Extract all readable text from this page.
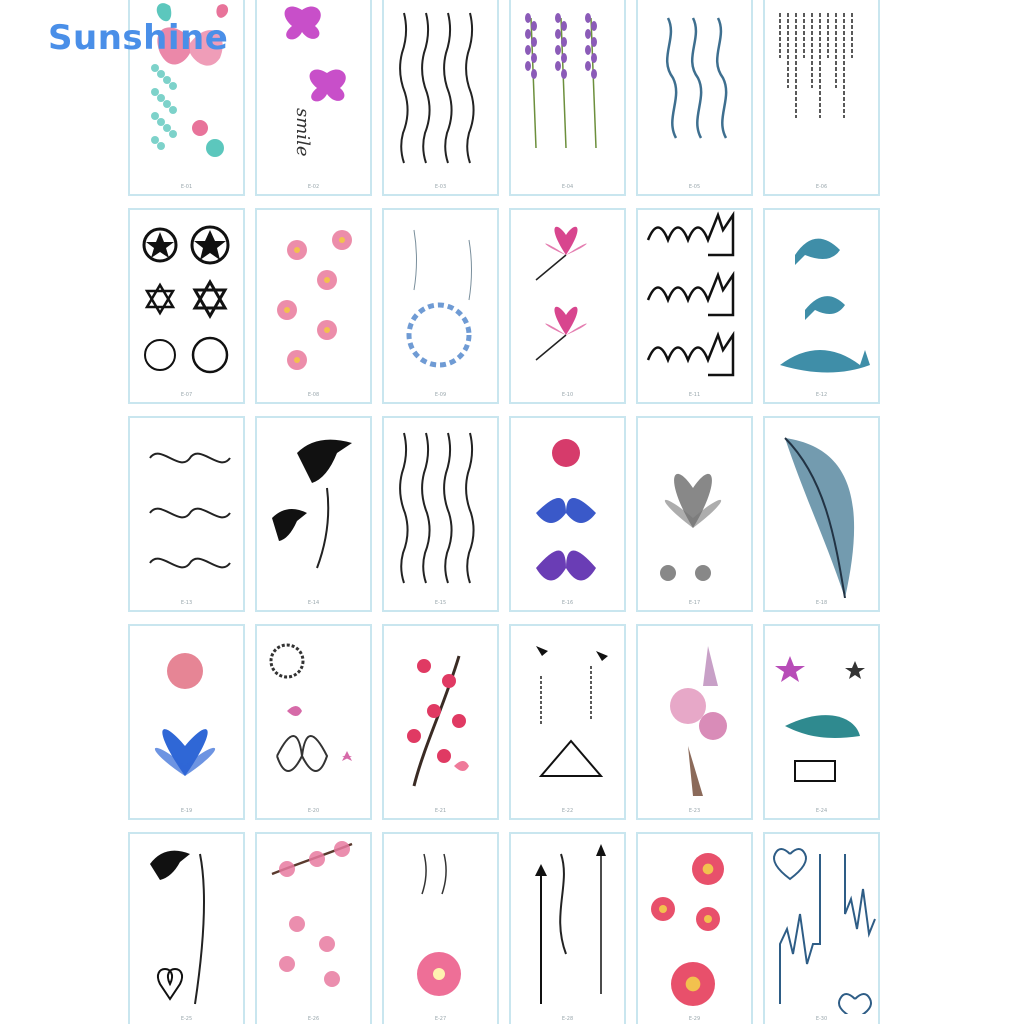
Sunshine
E-01
smile
E-02	E-03	E-04	E-05	E-06
E-07	E-08	E-09	E-10	E-11	E-12
E-13	E-14	E-15	E-16	E-17	E-18
E-19	E-20	E-21	E-22	E-23	E-24
E-25	E-26	E-27	E-28	E-29	E-30
